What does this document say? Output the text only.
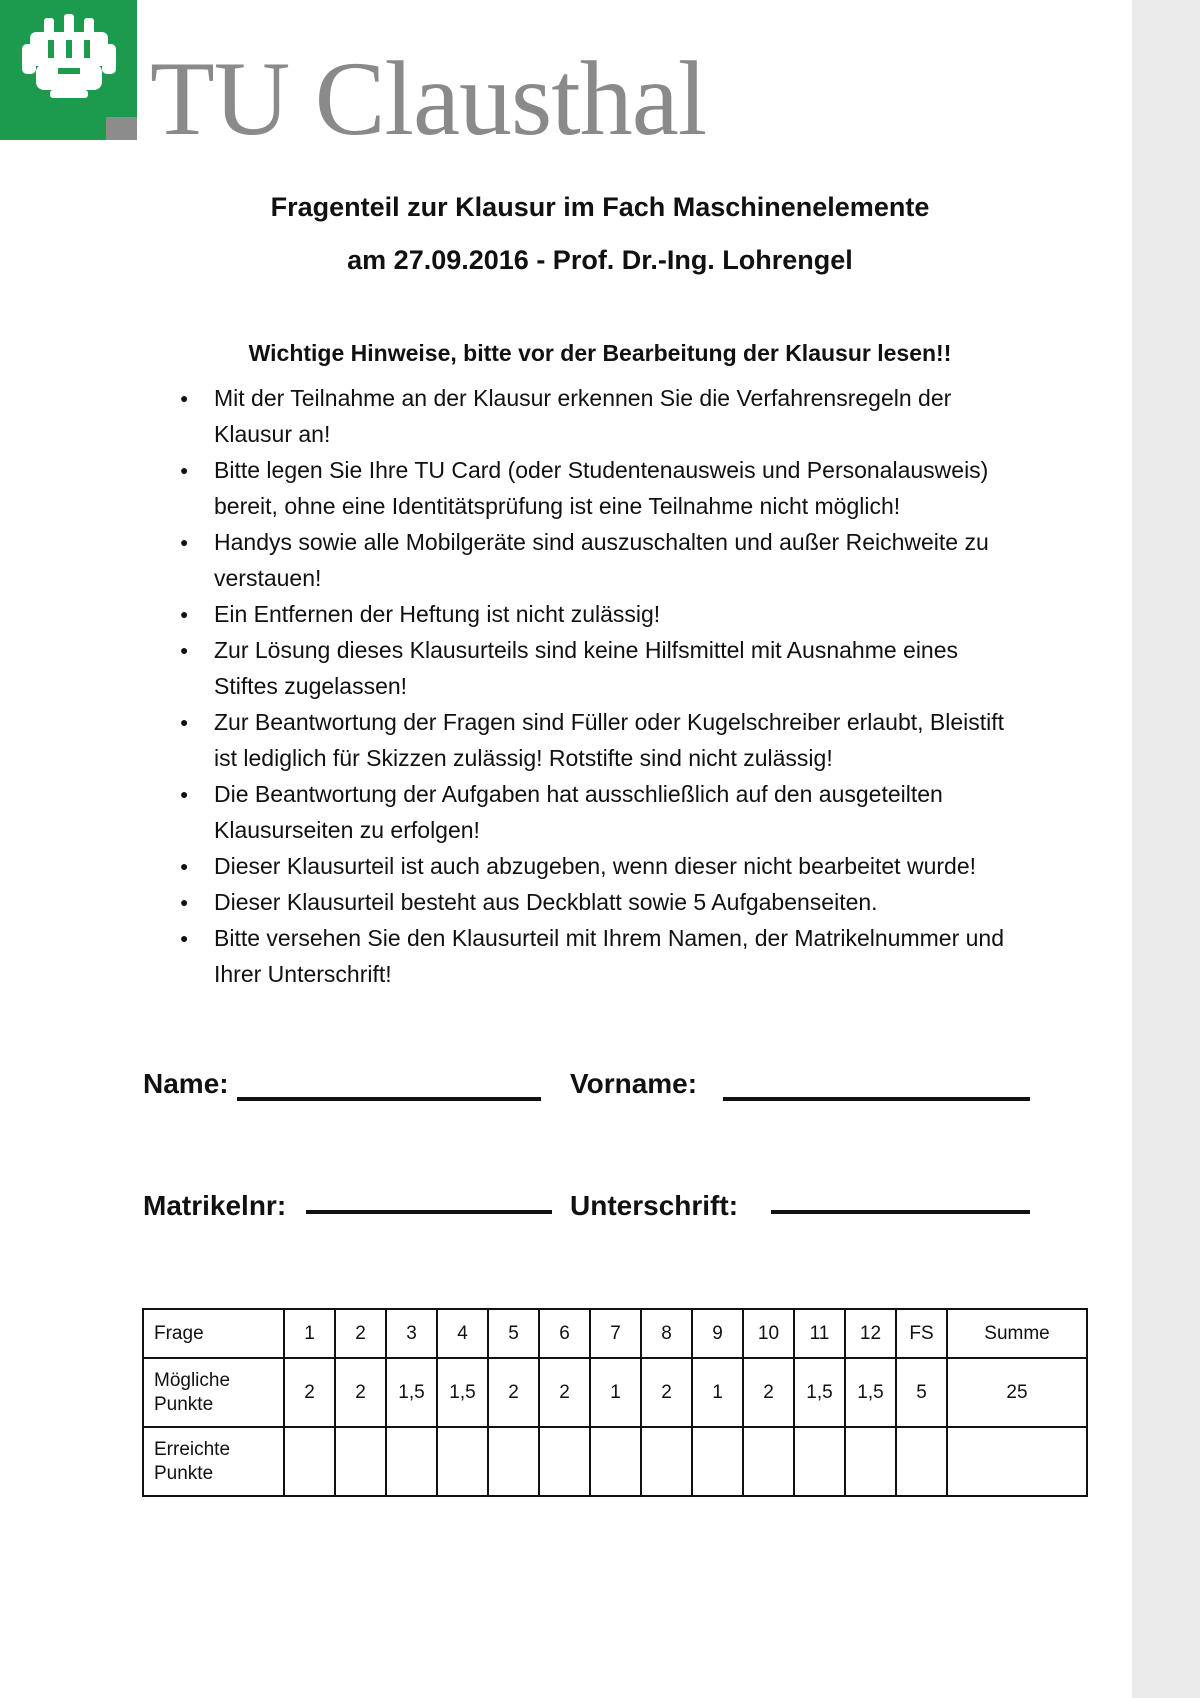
TU Clausthal
Fragenteil zur Klausur im Fach Maschinenelemente
am 27.09.2016 - Prof. Dr.-Ing. Lohrengel
Wichtige Hinweise, bitte vor der Bearbeitung der Klausur lesen!!
● Mit der Teilnahme an der Klausur erkennen Sie die Verfahrensregeln der
Klausur an!
● Bitte legen Sie Ihre TU Card (oder Studentenausweis und Personalausweis)
bereit, ohne eine Identitätsprüfung ist eine Teilnahme nicht möglich!
● Handys sowie alle Mobilgeräte sind auszuschalten und außer Reichweite zu
verstauen!
● Ein Entfernen der Heftung ist nicht zulässig!
● Zur Lösung dieses Klausurteils sind keine Hilfsmittel mit Ausnahme eines
Stiftes zugelassen!
● Zur Beantwortung der Fragen sind Füller oder Kugelschreiber erlaubt, Bleistift
ist lediglich für Skizzen zulässig! Rotstifte sind nicht zulässig!
● Die Beantwortung der Aufgaben hat ausschließlich auf den ausgeteilten
Klausurseiten zu erfolgen!
● Dieser Klausurteil ist auch abzugeben, wenn dieser nicht bearbeitet wurde!
● Dieser Klausurteil besteht aus Deckblatt sowie 5 Aufgabenseiten.
● Bitte versehen Sie den Klausurteil mit Ihrem Namen, der Matrikelnummer und
Ihrer Unterschrift!
Name:	Vorname:
Matrikelnr:	Unterschrift:
Frage	1	2	3	4	5	6	7	8	9	10	11	12	FS	Summe
Mögliche
Punkte	2	2	1,5	1,5	2	2	1	2	1	2	1,5	1,5	5	25
Erreichte
Punkte														
